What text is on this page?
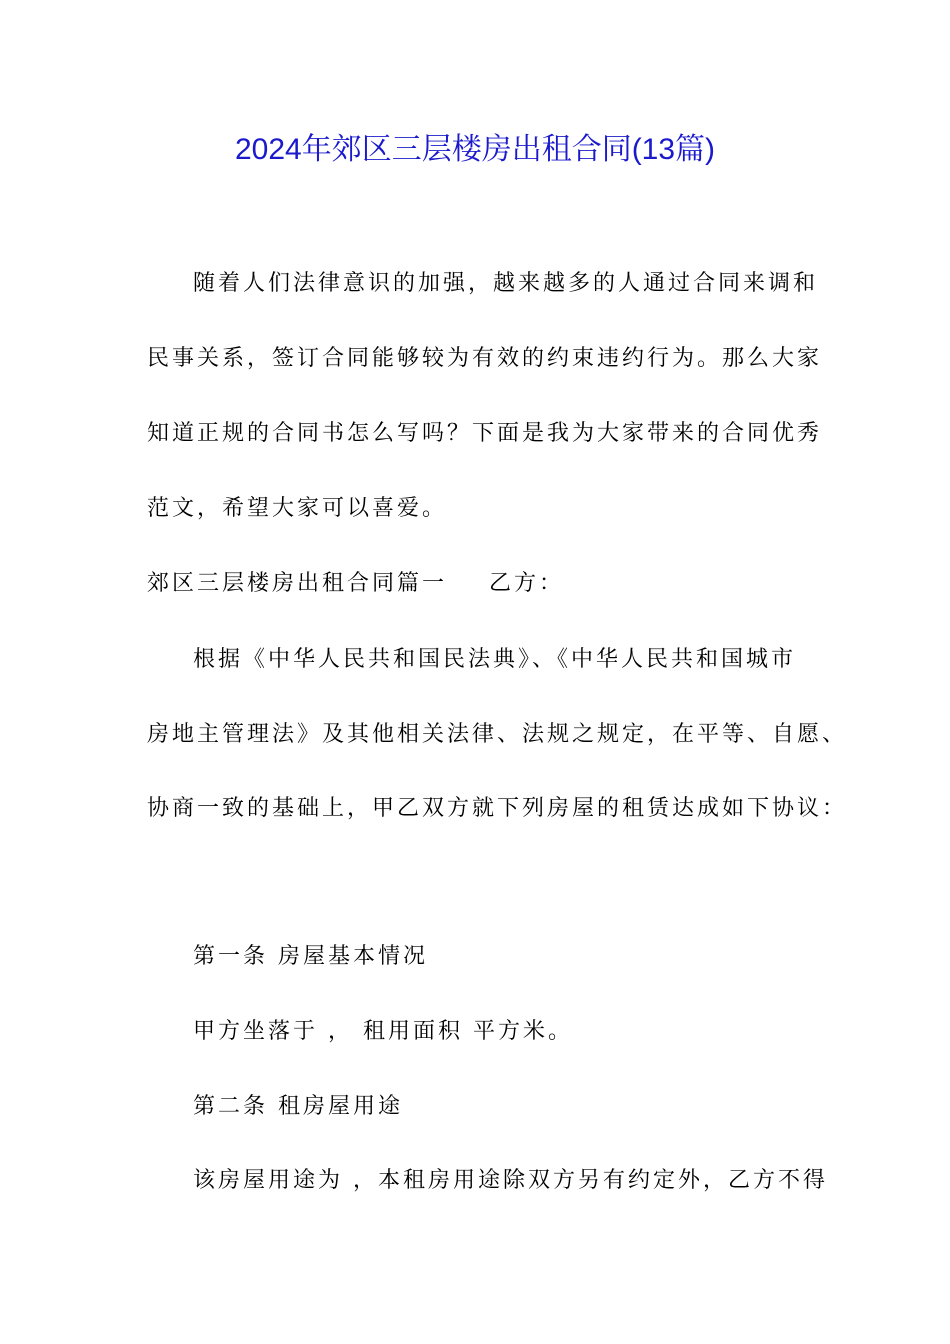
2024年郊区三层楼房出租合同(13篇)
随着人们法律意识的加强，越来越多的人通过合同来调和
民事关系，签订合同能够较为有效的约束违约行为。那么大家
知道正规的合同书怎么写吗？下面是我为大家带来的合同优秀
范文，希望大家可以喜爱。
郊区三层楼房出租合同篇一 乙方：
根据《中华人民共和国民法典》、《中华人民共和国城市
房地主管理法》及其他相关法律、法规之规定，在平等、自愿、
协商一致的基础上，甲乙双方就下列房屋的租赁达成如下协议：
第一条 房屋基本情况
甲方坐落于 ， 租用面积 平方米。
第二条 租房屋用途
该房屋用途为 ，本租房用途除双方另有约定外，乙方不得
